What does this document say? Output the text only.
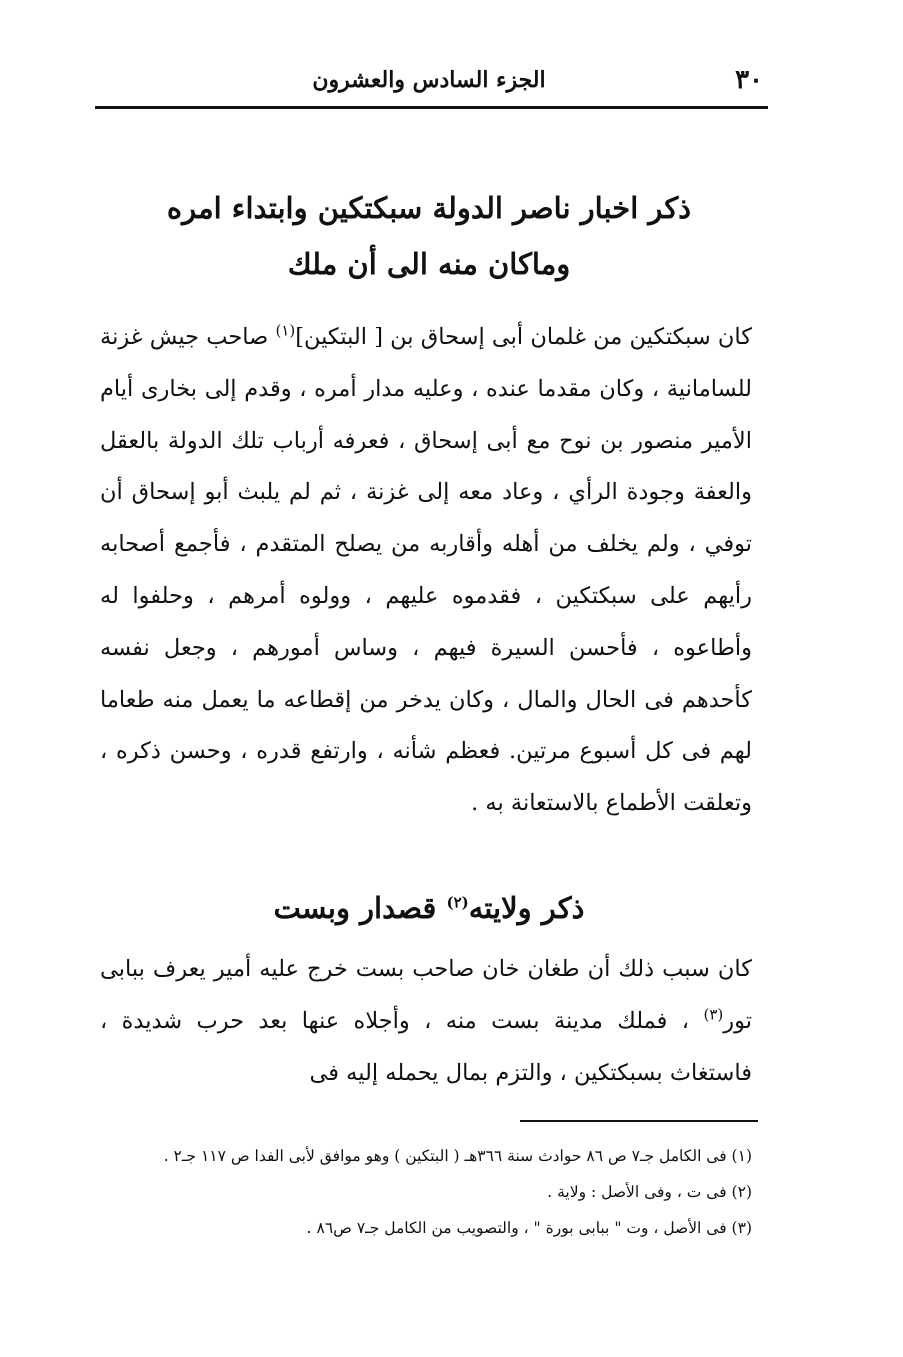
٣٠
الجزء السادس والعشرون
ذكر اخبار ناصر الدولة سبكتكين وابتداء امره
وماكان منه الى أن ملك

كان سبكتكين من غلمان أبى إسحاق بن [ البتكين]$^{(١)}$ صاحب جيش غزنة للسامانية ، وكان مقدما عنده ، وعليه مدار أمره ، وقدم إلى بخارى أيام الأمير منصور بن نوح مع أبى إسحاق ، فعرفه أرباب تلك الدولة بالعقل والعفة وجودة الرأي ، وعاد معه إلى غزنة ، ثم لم يلبث أبو إسحاق أن توفي ، ولم يخلف من أهله وأقاربه من يصلح المتقدم ، فأجمع أصحابه رأيهم على سبكتكين ، فقدموه عليهم ، وولوه أمرهم ، وحلفوا له وأطاعوه ، فأحسن السيرة فيهم ، وساس أمورهم ، وجعل نفسه كأحدهم فى الحال والمال ، وكان يدخر من إقطاعه ما يعمل منه طعاما لهم فى كل أسبوع مرتين. فعظم شأنه ، وارتفع قدره ، وحسن ذكره ، وتعلقت الأطماع بالاستعانة به .

ذكر ولايته$^{(٢)}$ قصدار وبست

كان سبب ذلك أن طغان خان صاحب بست خرج عليه أمير يعرف ببابى تور$^{(٣)}$ ، فملك مدينة بست منه ، وأجلاه عنها بعد حرب شديدة ، فاستغاث بسبكتكين ، والتزم بمال يحمله إليه فى

(١) فى الكامل جـ٧ ص ٨٦ حوادث سنة ٣٦٦هـ ( البتكين ) وهو موافق لأبى الفدا ص ١١٧ جـ٢ .
(٢) فى ت ، وفى الأصل : ولاية .
(٣) فى الأصل ، وت " ببابى بورة " ، والتصويب من الكامل جـ٧ ص٨٦ .
